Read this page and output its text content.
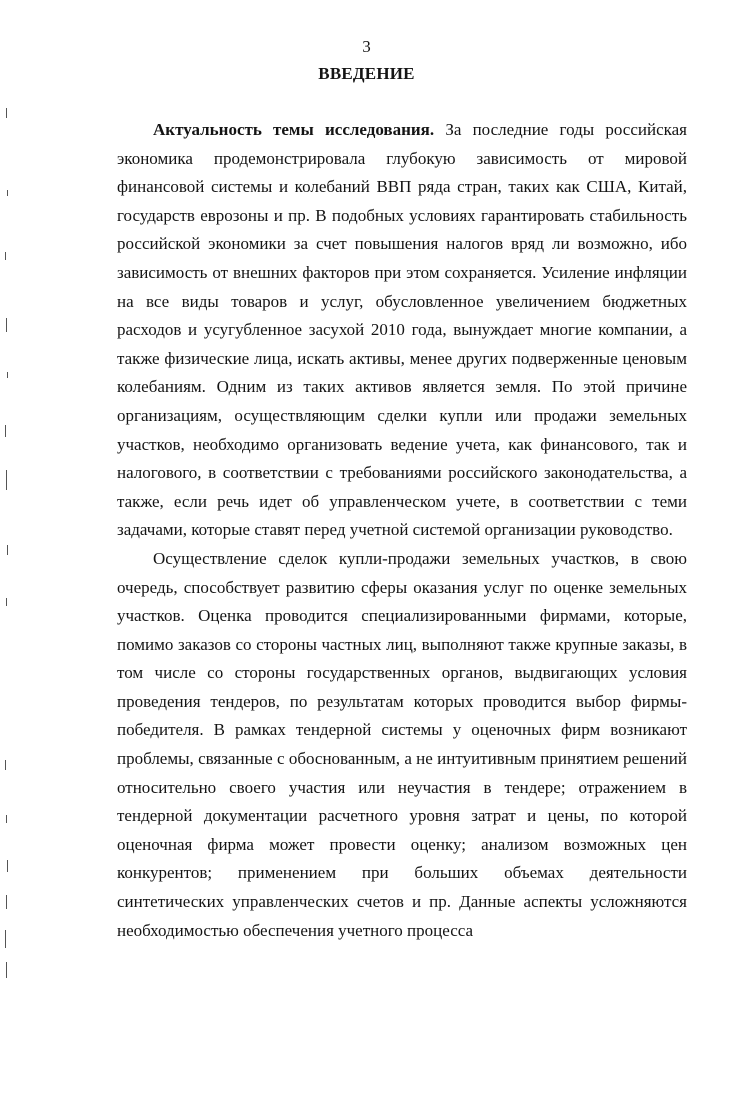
3
ВВЕДЕНИЕ

Актуальность темы исследования. За последние годы российская экономика продемонстрировала глубокую зависимость от мировой финансовой системы и колебаний ВВП ряда стран, таких как США, Китай, государств еврозоны и пр. В подобных условиях гарантировать стабильность российской экономики за счет повышения налогов вряд ли возможно, ибо зависимость от внешних факторов при этом сохраняется. Усиление инфляции на все виды товаров и услуг, обусловленное увеличением бюджетных расходов и усугубленное засухой 2010 года, вынуждает многие компании, а также физические лица, искать активы, менее других подверженные ценовым колебаниям. Одним из таких активов является земля. По этой причине организациям, осуществляющим сделки купли или продажи земельных участков, необходимо организовать ведение учета, как финансового, так и налогового, в соответствии с требованиями российского законодательства, а также, если речь идет об управленческом учете, в соответствии с теми задачами, которые ставят перед учетной системой организации руководство.

Осуществление сделок купли-продажи земельных участков, в свою очередь, способствует развитию сферы оказания услуг по оценке земельных участков. Оценка проводится специализированными фирмами, которые, помимо заказов со стороны частных лиц, выполняют также крупные заказы, в том числе со стороны государственных органов, выдвигающих условия проведения тендеров, по результатам которых проводится выбор фирмы-победителя. В рамках тендерной системы у оценочных фирм возникают проблемы, связанные с обоснованным, а не интуитивным принятием решений относительно своего участия или неучастия в тендере; отражением в тендерной документации расчетного уровня затрат и цены, по которой оценочная фирма может провести оценку; анализом возможных цен конкурентов; применением при больших объемах деятельности синтетических управленческих счетов и пр. Данные аспекты усложняются необходимостью обеспечения учетного процесса
